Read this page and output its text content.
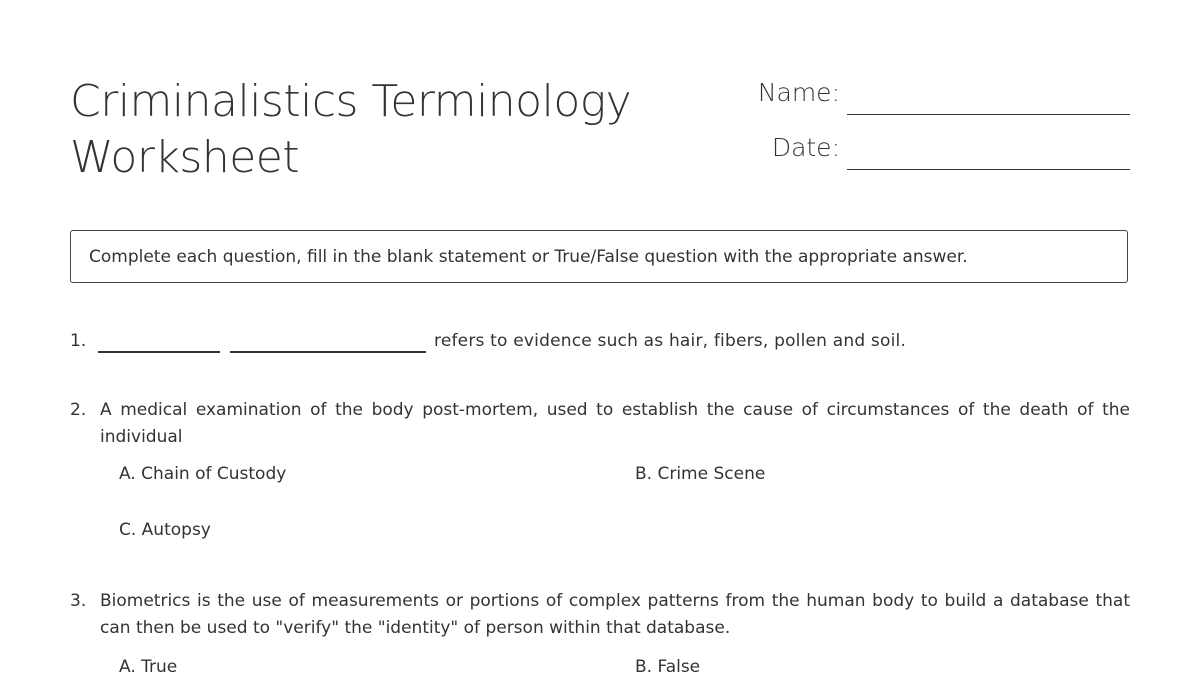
Criminalistics Terminology
Worksheet
Name:
Date:
Complete each question, fill in the blank statement or True/False question with the appropriate answer.
1.	refers to evidence such as hair, fibers, pollen and soil.
2. A medical examination of the body post-mortem, used to establish the cause of circumstances of the death of the individual
A. Chain of Custody	B. Crime Scene
C. Autopsy
3. Biometrics is the use of measurements or portions of complex patterns from the human body to build a database that can then be used to "verify" the "identity" of person within that database.
A. True	B. False
